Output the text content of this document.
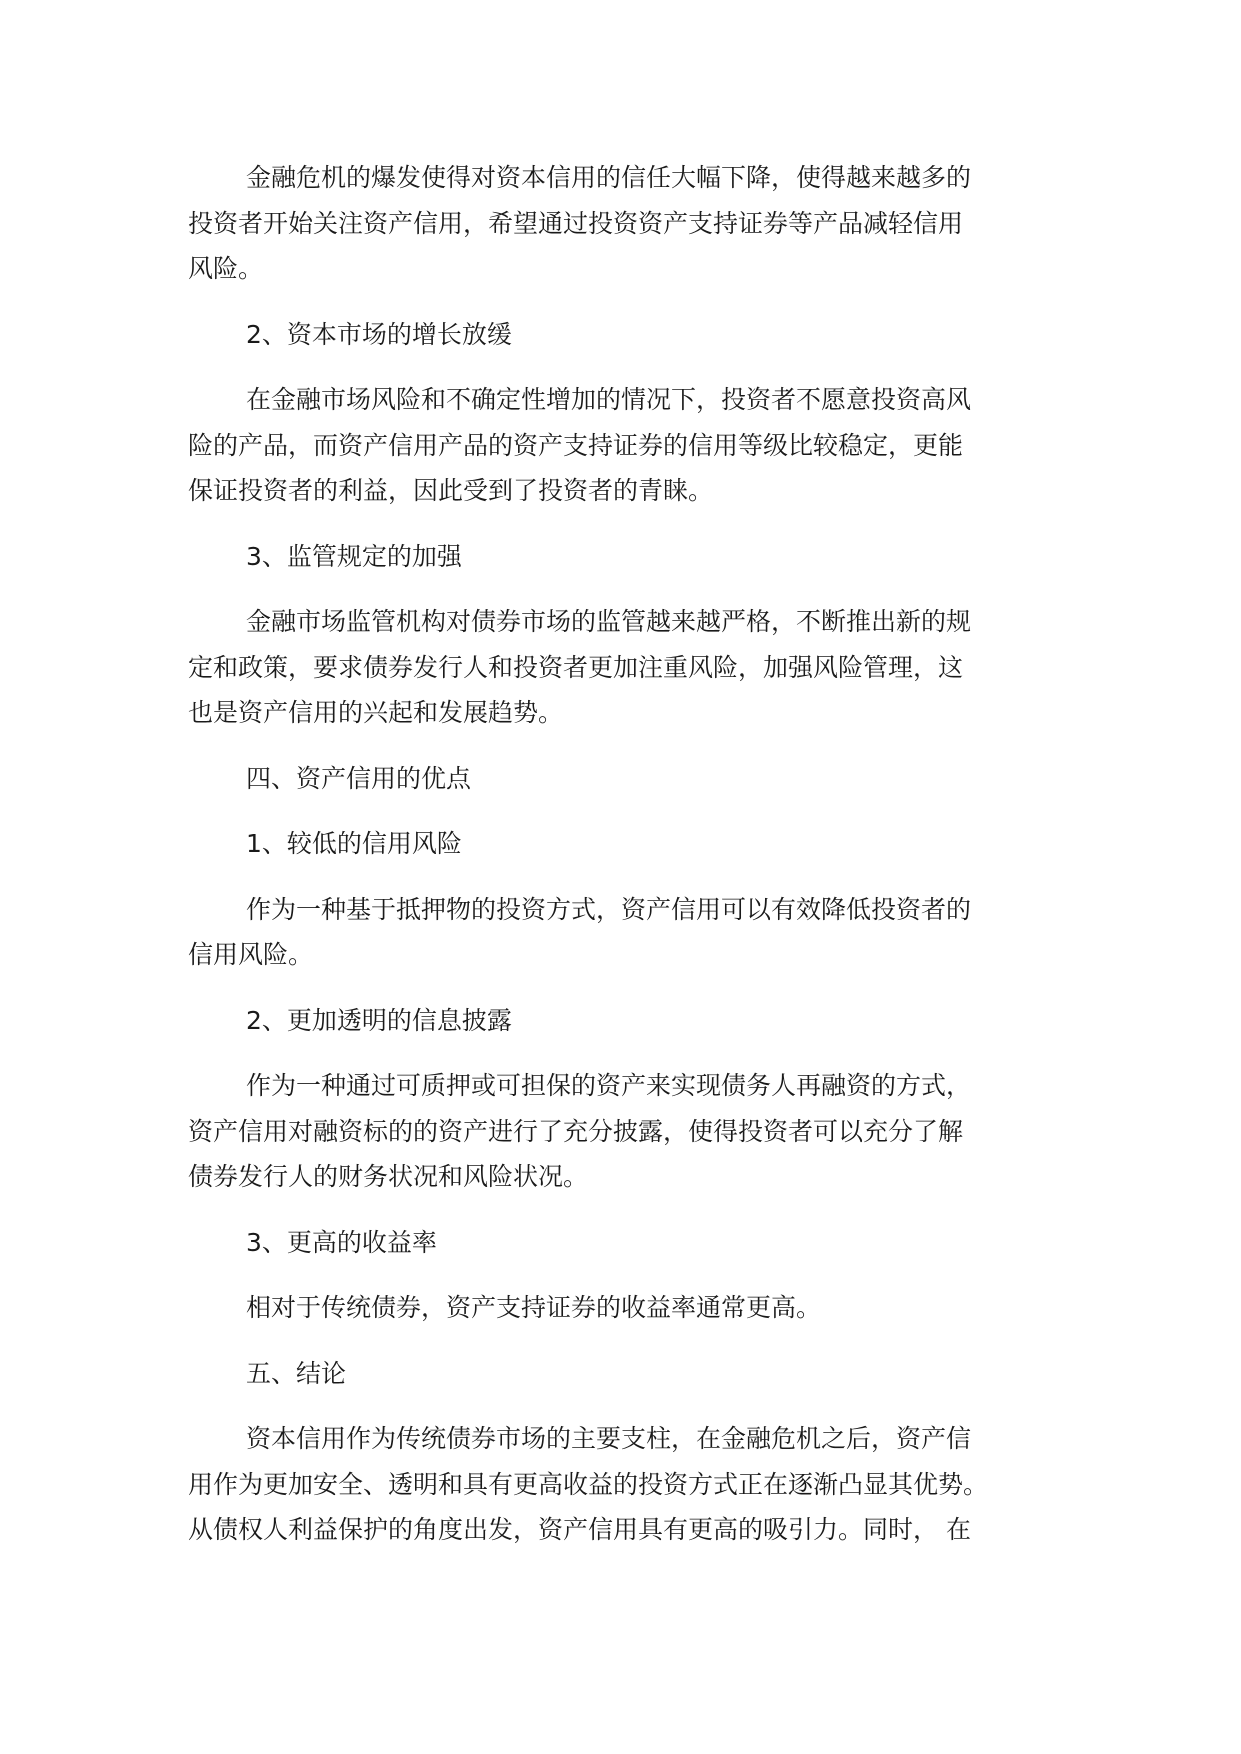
金融危机的爆发使得对资本信用的信任大幅下降，使得越来越多的
投资者开始关注资产信用，希望通过投资资产支持证券等产品减轻信用
风险。
2、资本市场的增长放缓
在金融市场风险和不确定性增加的情况下，投资者不愿意投资高风
险的产品，而资产信用产品的资产支持证券的信用等级比较稳定，更能
保证投资者的利益，因此受到了投资者的青睐。
3、监管规定的加强
金融市场监管机构对债券市场的监管越来越严格，不断推出新的规
定和政策，要求债券发行人和投资者更加注重风险，加强风险管理，这
也是资产信用的兴起和发展趋势。
四、资产信用的优点
1、较低的信用风险
作为一种基于抵押物的投资方式，资产信用可以有效降低投资者的
信用风险。
2、更加透明的信息披露
作为一种通过可质押或可担保的资产来实现债务人再融资的方式，
资产信用对融资标的的资产进行了充分披露，使得投资者可以充分了解
债券发行人的财务状况和风险状况。
3、更高的收益率
相对于传统债券，资产支持证券的收益率通常更高。
五、结论
资本信用作为传统债券市场的主要支柱，在金融危机之后，资产信
用作为更加安全、透明和具有更高收益的投资方式正在逐渐凸显其优势。
从债权人利益保护的角度出发，资产信用具有更高的吸引力。同时， 在
